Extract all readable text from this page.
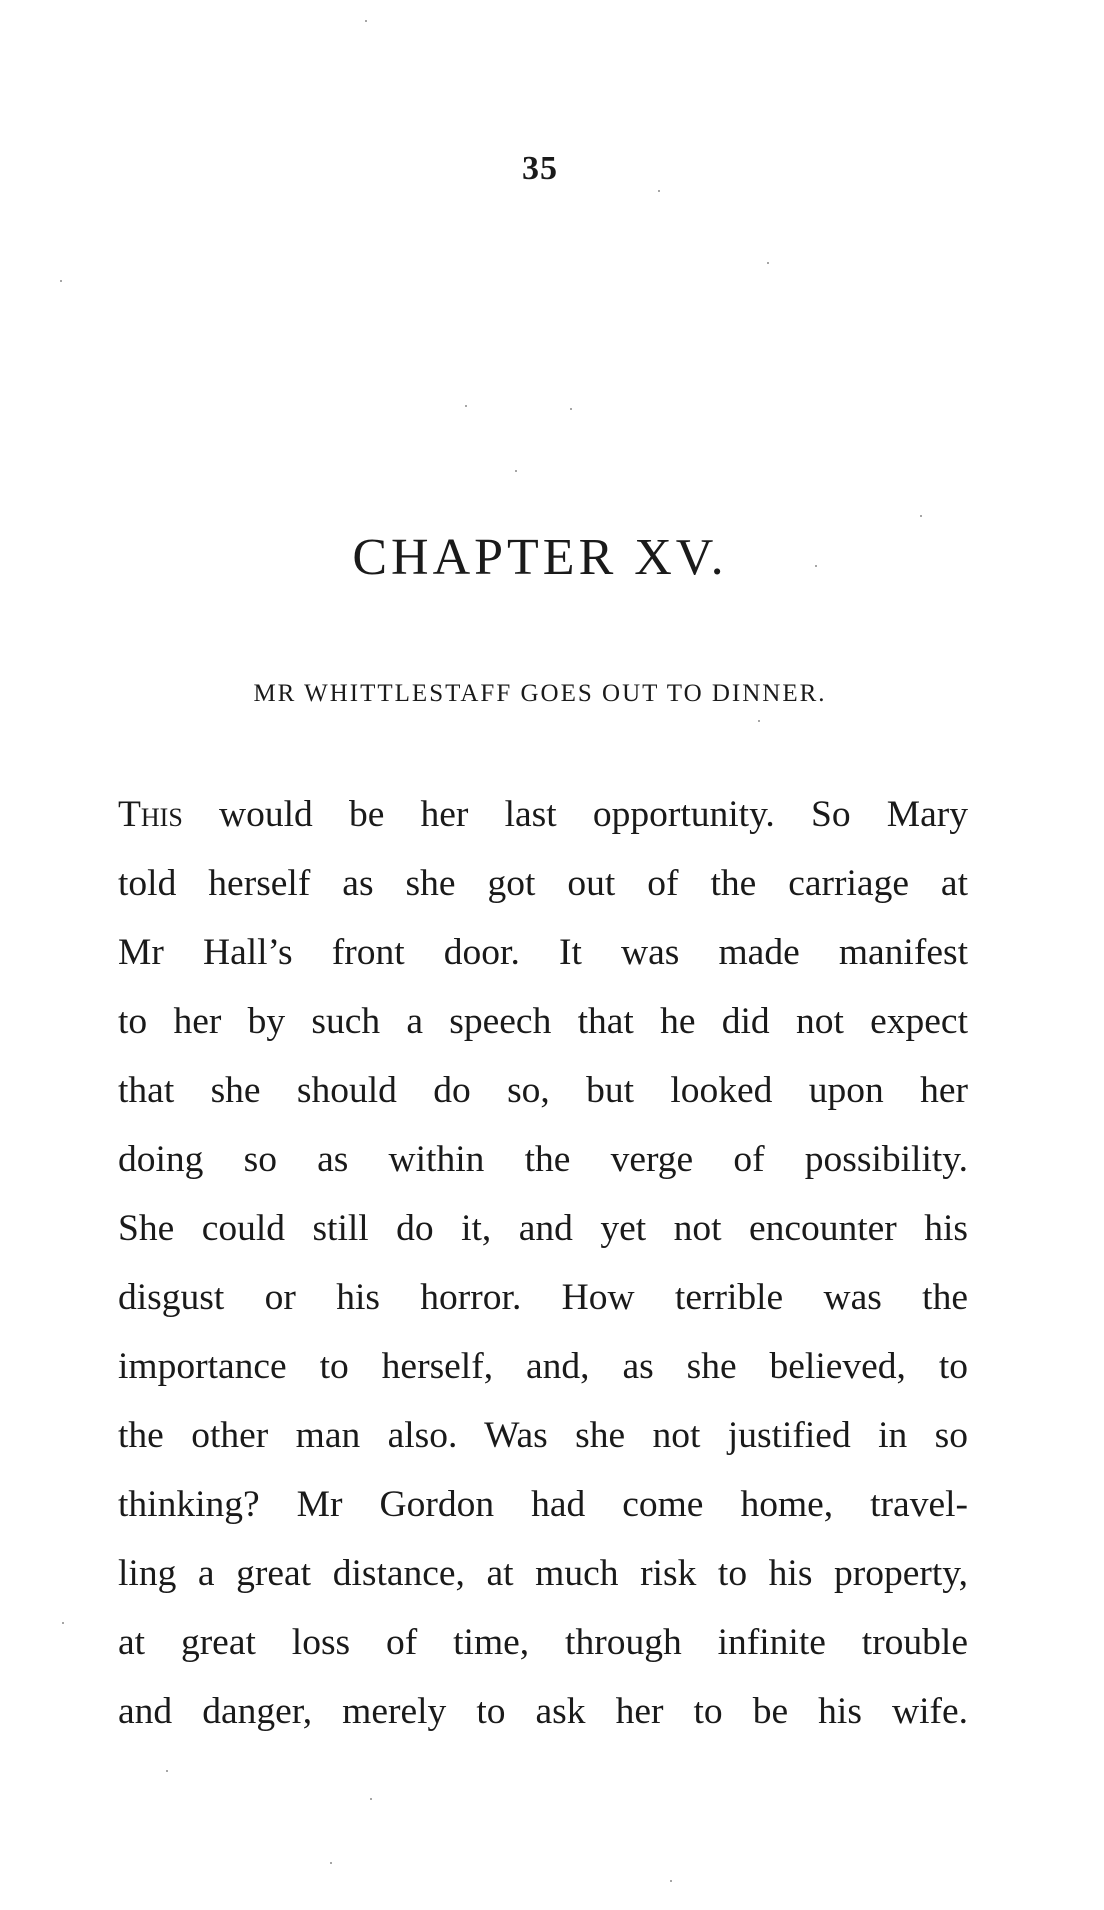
35
CHAPTER XV.
MR WHITTLESTAFF GOES OUT TO DINNER.
This would be her last opportunity. So Mary
told herself as she got out of the carriage at
Mr Hall’s front door. It was made manifest
to her by such a speech that he did not expect
that she should do so, but looked upon her
doing so as within the verge of possibility.
She could still do it, and yet not encounter his
disgust or his horror. How terrible was the
importance to herself, and, as she believed, to
the other man also. Was she not justified in so
thinking? Mr Gordon had come home, travel-
ling a great distance, at much risk to his property,
at great loss of time, through infinite trouble
and danger, merely to ask her to be his wife.
